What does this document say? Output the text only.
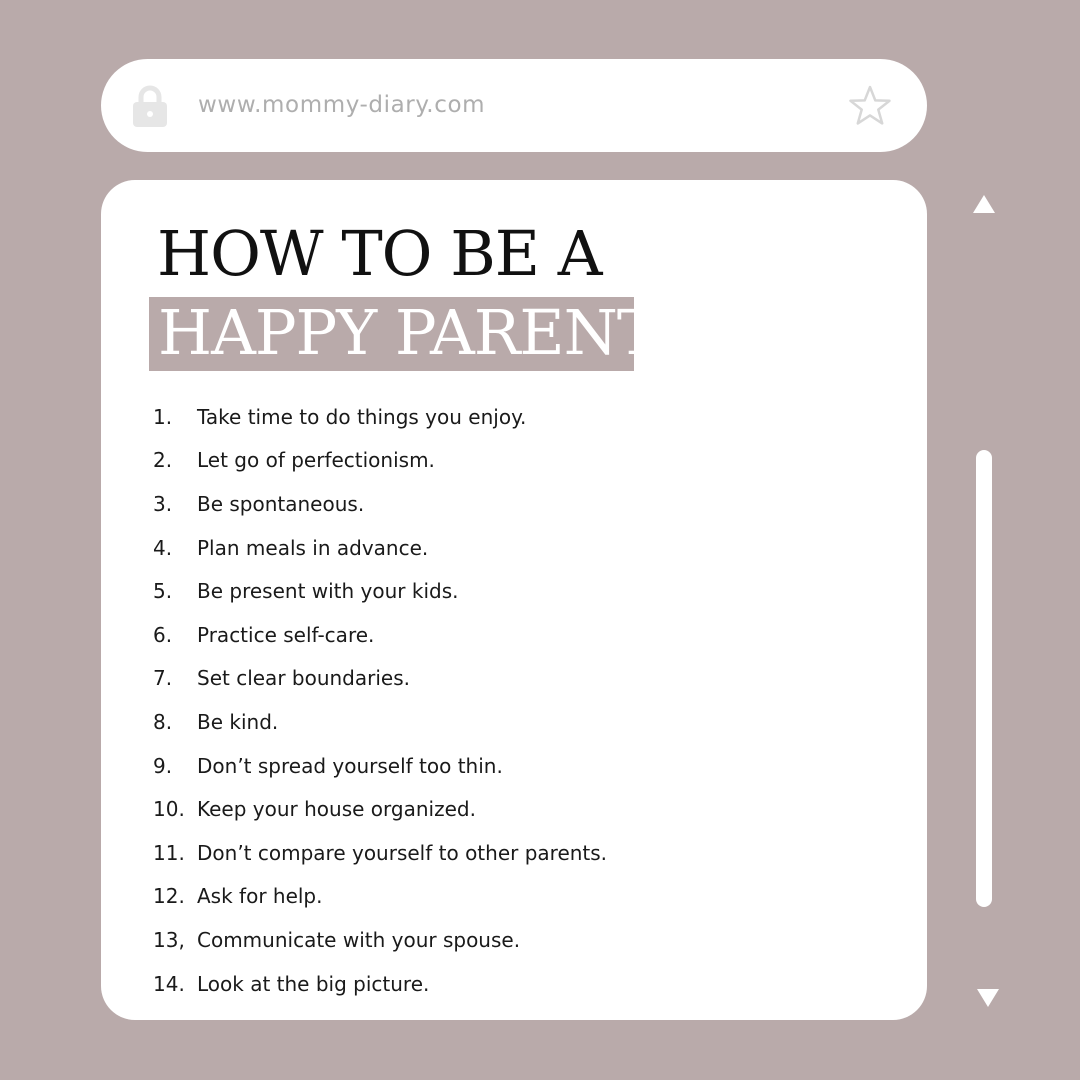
www.mommy-diary.com
HOW TO BE A
HAPPY PARENT
1.	Take time to do things you enjoy.
2.	Let go of perfectionism.
3.	Be spontaneous.
4.	Plan meals in advance.
5.	Be present with your kids.
6.	Practice self-care.
7.	Set clear boundaries.
8.	Be kind.
9.	Don’t spread yourself too thin.
10. Keep your house organized.
11. Don’t compare yourself to other parents.
12. Ask for help.
13, Communicate with your spouse.
14. Look at the big picture.
